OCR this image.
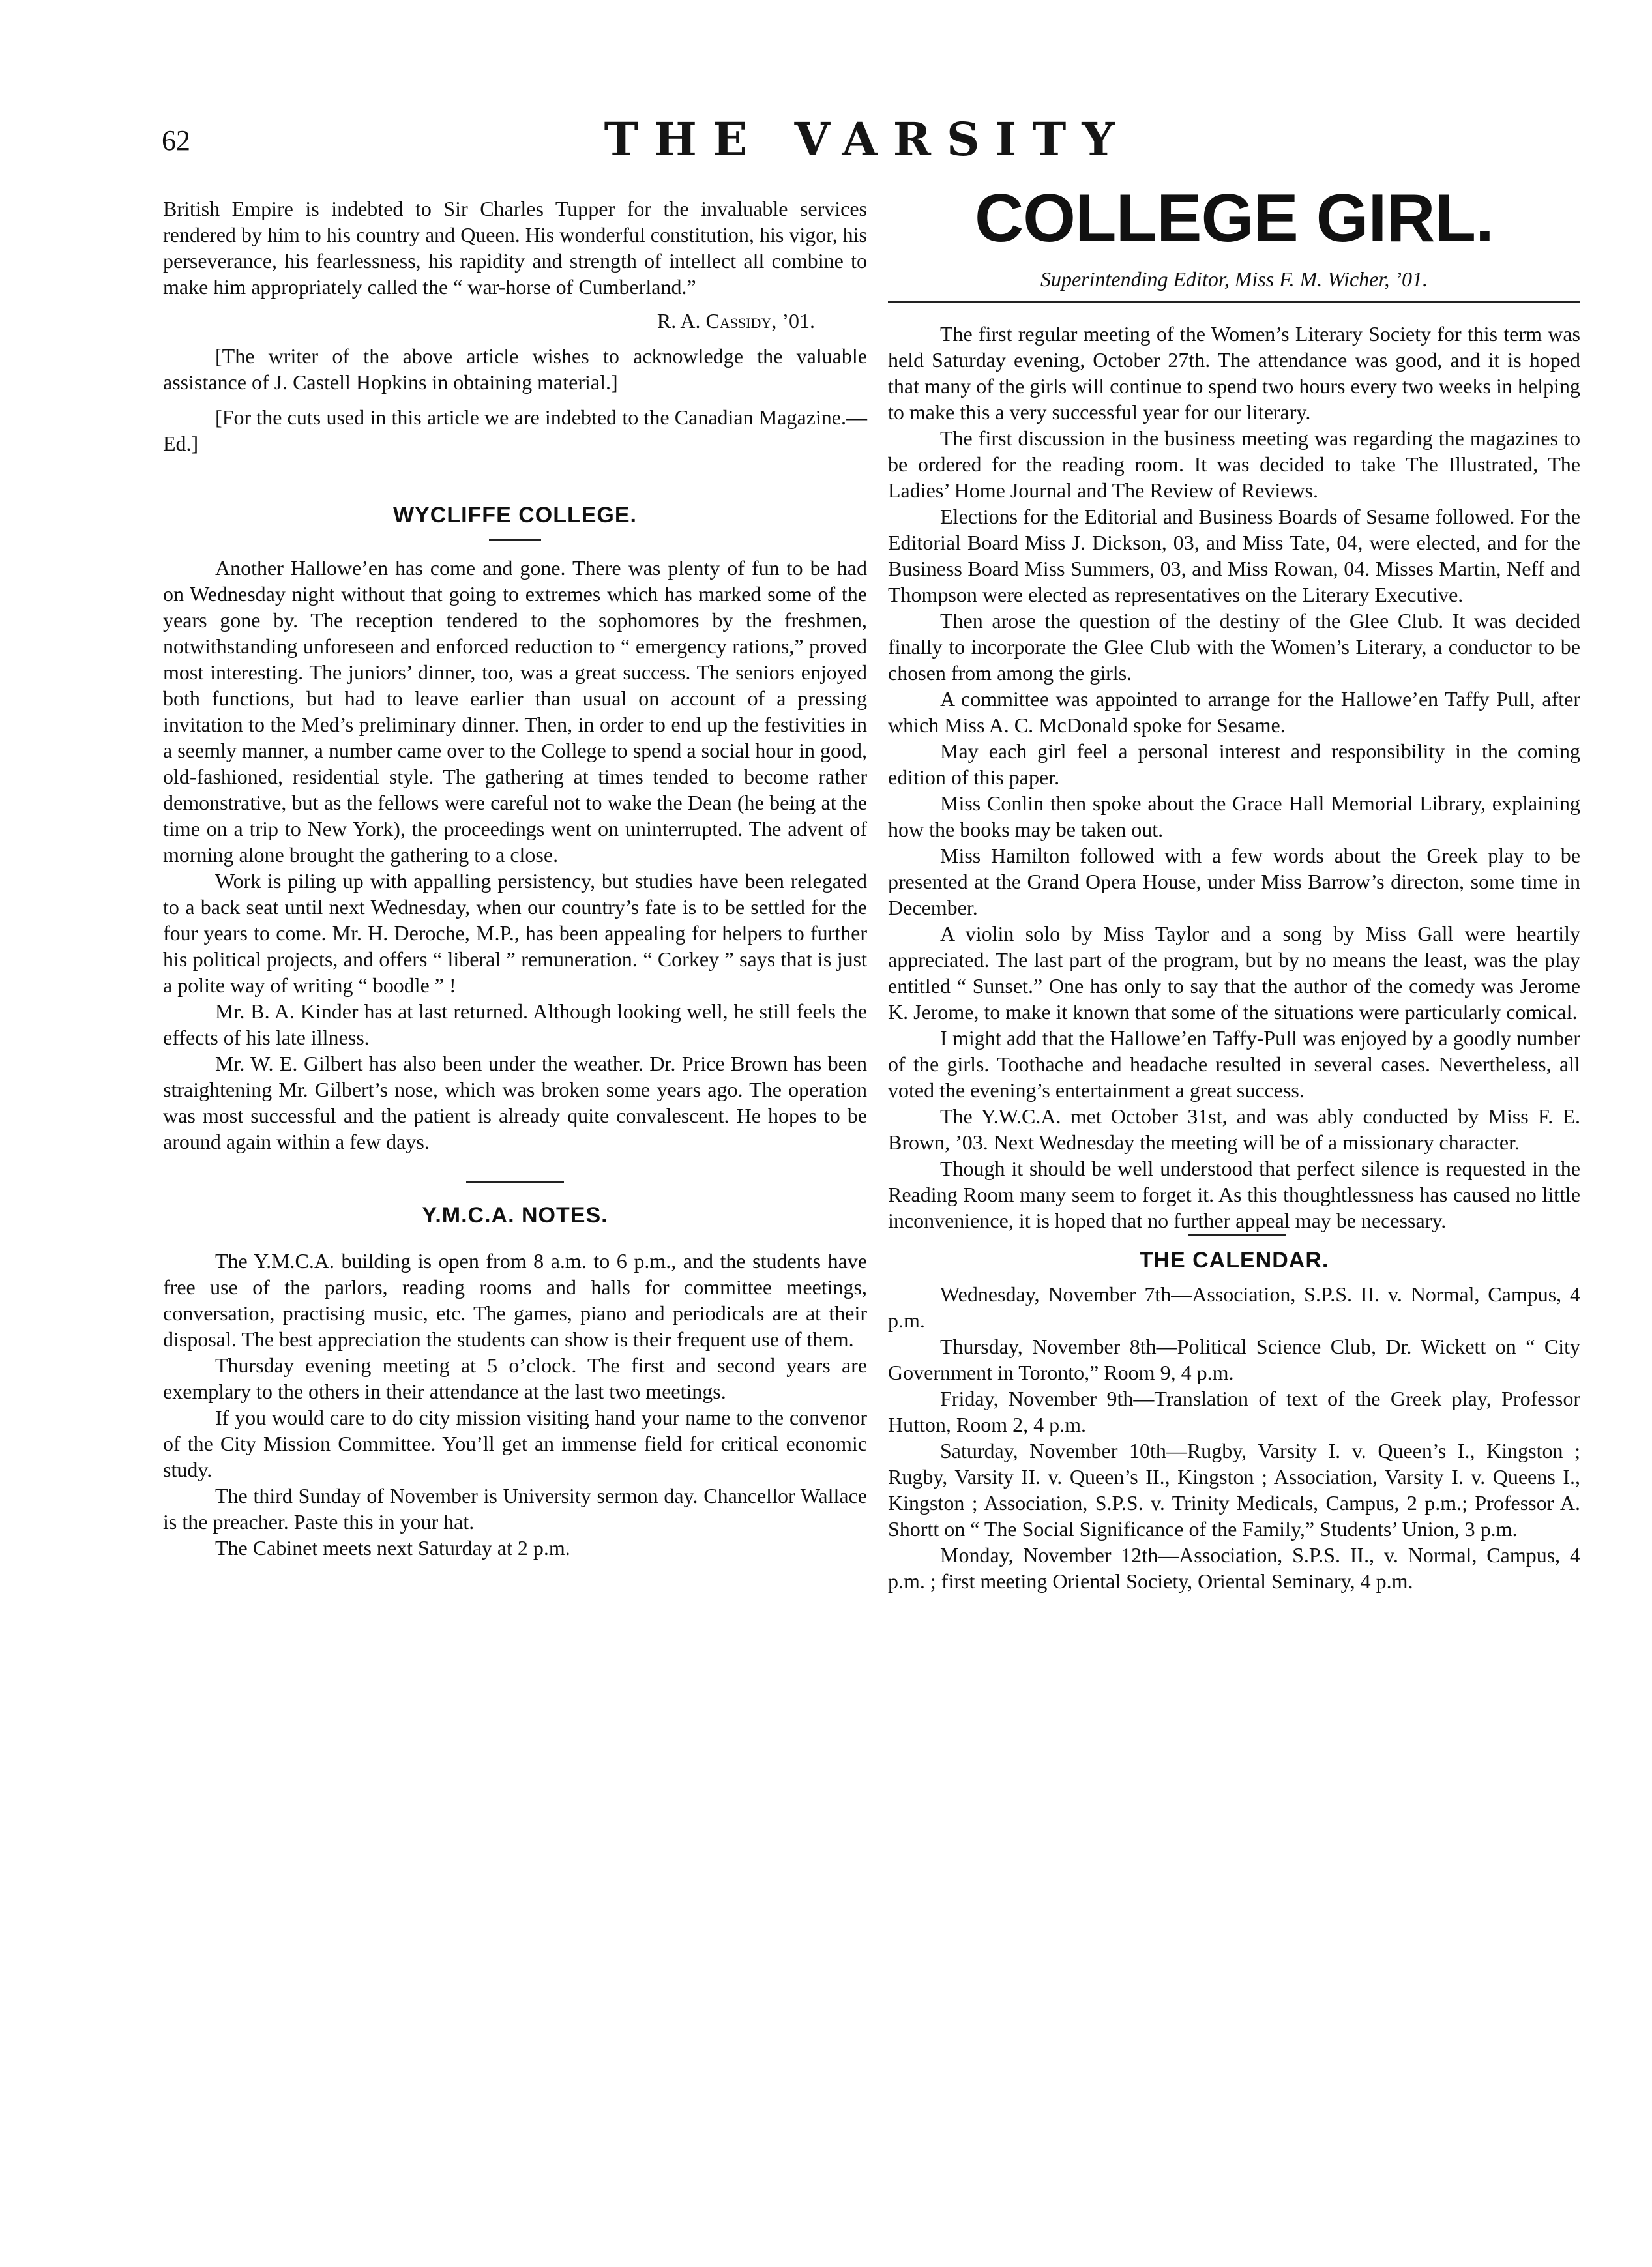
62	THE VARSITY

British Empire is indebted to Sir Charles Tupper for the invaluable services rendered by him to his country and Queen. His wonderful constitution, his vigor, his perseverance, his fearlessness, his rapidity and strength of intellect all combine to make him appropriately called the “ war-horse of Cumberland.”

R. A. Cassidy, ’01.

[The writer of the above article wishes to acknowledge the valuable assistance of J. Castell Hopkins in obtaining material.]

[For the cuts used in this article we are indebted to the Canadian Magazine.—Ed.]

WYCLIFFE COLLEGE.

Another Hallowe’en has come and gone. There was plenty of fun to be had on Wednesday night without that going to extremes which has marked some of the years gone by. The reception tendered to the sophomores by the freshmen, notwithstanding unforeseen and enforced reduction to “ emergency rations,” proved most interesting. The juniors’ dinner, too, was a great success. The seniors enjoyed both functions, but had to leave earlier than usual on account of a pressing invitation to the Med’s preliminary dinner. Then, in order to end up the festivities in a seemly manner, a number came over to the College to spend a social hour in good, old-fashioned, residential style. The gathering at times tended to become rather demonstrative, but as the fellows were careful not to wake the Dean (he being at the time on a trip to New York), the proceedings went on uninterrupted. The advent of morning alone brought the gathering to a close.

Work is piling up with appalling persistency, but studies have been relegated to a back seat until next Wednesday, when our country’s fate is to be settled for the four years to come. Mr. H. Deroche, M.P., has been appealing for helpers to further his political projects, and offers “ liberal ” remuneration. “ Corkey ” says that is just a polite way of writing “ boodle ” !

Mr. B. A. Kinder has at last returned. Although looking well, he still feels the effects of his late illness.

Mr. W. E. Gilbert has also been under the weather. Dr. Price Brown has been straightening Mr. Gilbert’s nose, which was broken some years ago. The operation was most successful and the patient is already quite convalescent. He hopes to be around again within a few days.

Y.M.C.A. NOTES.

The Y.M.C.A. building is open from 8 a.m. to 6 p.m., and the students have free use of the parlors, reading rooms and halls for committee meetings, conversation, practising music, etc. The games, piano and periodicals are at their disposal. The best appreciation the students can show is their frequent use of them.

Thursday evening meeting at 5 o’clock. The first and second years are exemplary to the others in their attendance at the last two meetings.

If you would care to do city mission visiting hand your name to the convenor of the City Mission Committee. You’ll get an immense field for critical economic study.

The third Sunday of November is University sermon day. Chancellor Wallace is the preacher. Paste this in your hat.

The Cabinet meets next Saturday at 2 p.m.

COLLEGE GIRL.
Superintending Editor, Miss F. M. Wicher, ’01.

The first regular meeting of the Women’s Literary Society for this term was held Saturday evening, October 27th. The attendance was good, and it is hoped that many of the girls will continue to spend two hours every two weeks in helping to make this a very successful year for our literary.

The first discussion in the business meeting was regarding the magazines to be ordered for the reading room. It was decided to take The Illustrated, The Ladies’ Home Journal and The Review of Reviews.

Elections for the Editorial and Business Boards of Sesame followed. For the Editorial Board Miss J. Dickson, 03, and Miss Tate, 04, were elected, and for the Business Board Miss Summers, 03, and Miss Rowan, 04. Misses Martin, Neff and Thompson were elected as representatives on the Literary Executive.

Then arose the question of the destiny of the Glee Club. It was decided finally to incorporate the Glee Club with the Women’s Literary, a conductor to be chosen from among the girls.

A committee was appointed to arrange for the Hallowe’en Taffy Pull, after which Miss A. C. McDonald spoke for Sesame.

May each girl feel a personal interest and responsibility in the coming edition of this paper.

Miss Conlin then spoke about the Grace Hall Memorial Library, explaining how the books may be taken out.

Miss Hamilton followed with a few words about the Greek play to be presented at the Grand Opera House, under Miss Barrow’s directon, some time in December.

A violin solo by Miss Taylor and a song by Miss Gall were heartily appreciated. The last part of the program, but by no means the least, was the play entitled “ Sunset.” One has only to say that the author of the comedy was Jerome K. Jerome, to make it known that some of the situations were particularly comical.

I might add that the Hallowe’en Taffy-Pull was enjoyed by a goodly number of the girls. Toothache and headache resulted in several cases. Nevertheless, all voted the evening’s entertainment a great success.

The Y.W.C.A. met October 31st, and was ably conducted by Miss F. E. Brown, ’03. Next Wednesday the meeting will be of a missionary character.

Though it should be well understood that perfect silence is requested in the Reading Room many seem to forget it. As this thoughtlessness has caused no little inconvenience, it is hoped that no further appeal may be necessary.

THE CALENDAR.

Wednesday, November 7th—Association, S.P.S. II. v. Normal, Campus, 4 p.m.

Thursday, November 8th—Political Science Club, Dr. Wickett on “ City Government in Toronto,” Room 9, 4 p.m.

Friday, November 9th—Translation of text of the Greek play, Professor Hutton, Room 2, 4 p.m.

Saturday, November 10th—Rugby, Varsity I. v. Queen’s I., Kingston ; Rugby, Varsity II. v. Queen’s II., Kingston ; Association, Varsity I. v. Queens I., Kingston ; Association, S.P.S. v. Trinity Medicals, Campus, 2 p.m.; Professor A. Shortt on “ The Social Significance of the Family,” Students’ Union, 3 p.m.

Monday, November 12th—Association, S.P.S. II., v. Normal, Campus, 4 p.m. ; first meeting Oriental Society, Oriental Seminary, 4 p.m.
